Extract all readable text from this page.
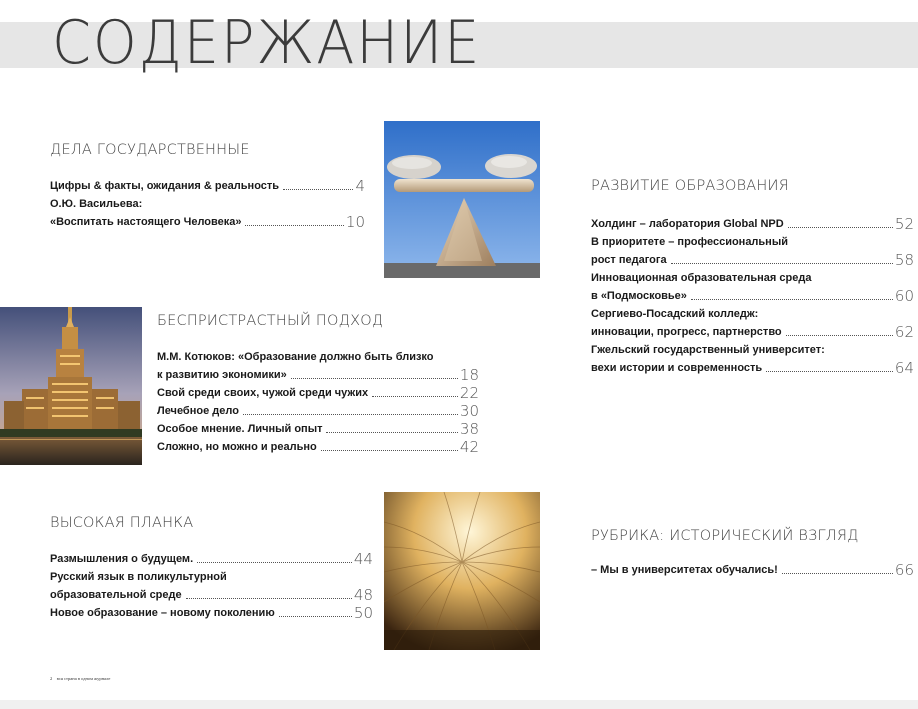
СОДЕРЖАНИЕ
ДЕЛА ГОСУДАРСТВЕННЫЕ
Цифры & факты, ожидания & реальность	4
О.Ю. Васильева:
«Воспитать настоящего Человека»	10
БЕСПРИСТРАСТНЫЙ ПОДХОД
М.М. Котюков: «Образование должно быть близко
к развитию экономики»	18
Свой среди своих, чужой среди чужих	22
Лечебное дело	30
Особое мнение. Личный опыт	38
Сложно, но можно и реально	42
ВЫСОКАЯ ПЛАНКА
Размышления о будущем.	44
Русский язык в поликультурной
образовательной среде	48
Новое образование – новому поколению	50
РАЗВИТИЕ ОБРАЗОВАНИЯ
Холдинг – лаборатория Global NPD	52
В приоритете – профессиональный
рост педагога	58
Инновационная образовательная среда
в «Подмосковье»	60
Сергиево-Посадский колледж:
инновации, прогресс, партнерство	62
Гжельский государственный университет:
вехи истории и современность	64
РУБРИКА: ИСТОРИЧЕСКИЙ ВЗГЛЯД
– Мы в университетах обучались!	66
2 вся страна в одном журнале
